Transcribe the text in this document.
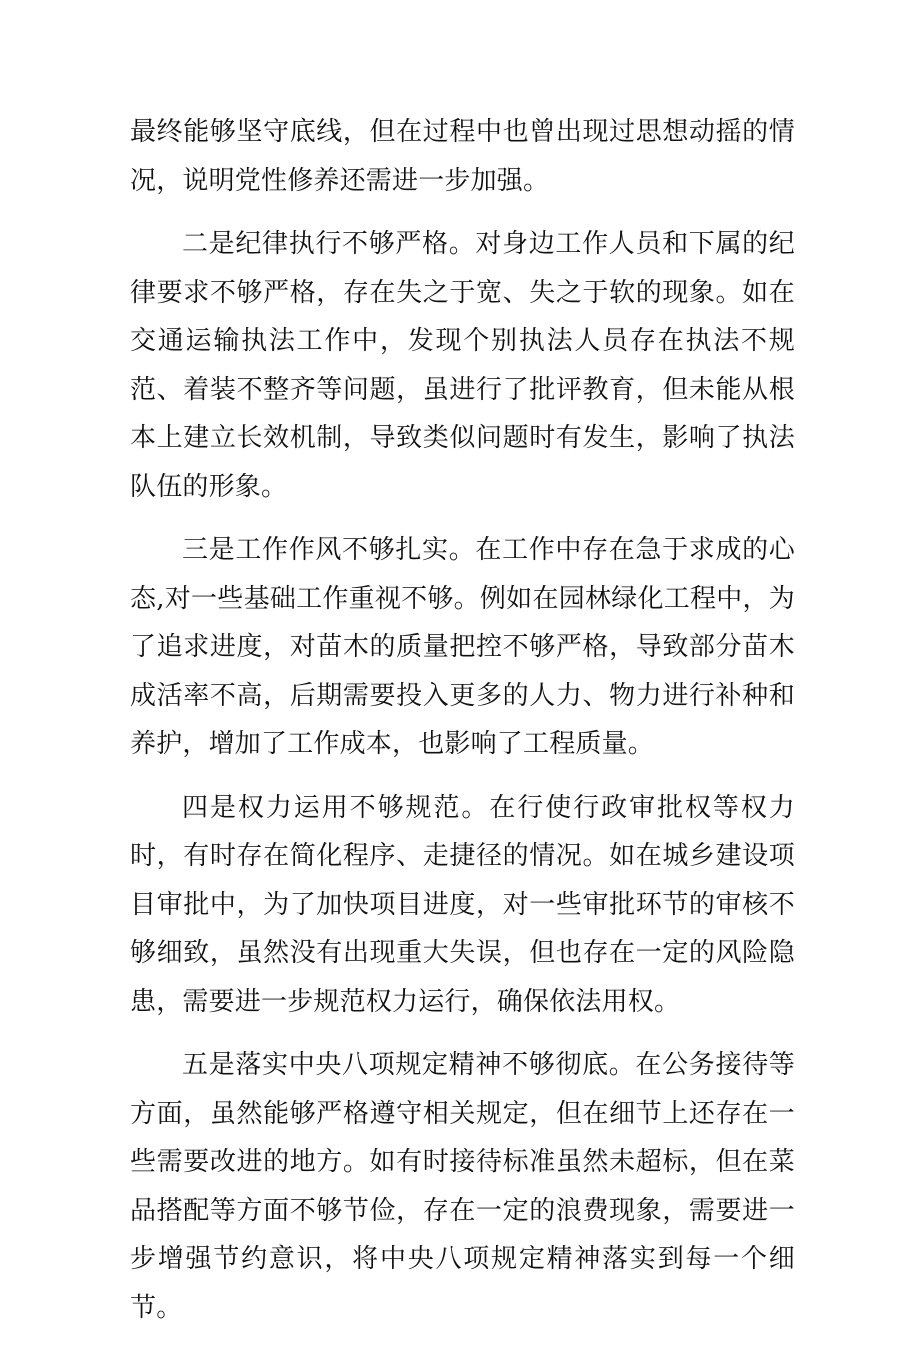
最终能够坚守底线，但在过程中也曾出现过思想动摇的情况，说明党性修养还需进一步加强。

二是纪律执行不够严格。对身边工作人员和下属的纪律要求不够严格，存在失之于宽、失之于软的现象。如在交通运输执法工作中，发现个别执法人员存在执法不规范、着装不整齐等问题，虽进行了批评教育，但未能从根本上建立长效机制，导致类似问题时有发生，影响了执法队伍的形象。

三是工作作风不够扎实。在工作中存在急于求成的心态,对一些基础工作重视不够。例如在园林绿化工程中，为了追求进度，对苗木的质量把控不够严格，导致部分苗木成活率不高，后期需要投入更多的人力、物力进行补种和养护，增加了工作成本，也影响了工程质量。

四是权力运用不够规范。在行使行政审批权等权力时，有时存在简化程序、走捷径的情况。如在城乡建设项目审批中，为了加快项目进度，对一些审批环节的审核不够细致，虽然没有出现重大失误，但也存在一定的风险隐患，需要进一步规范权力运行，确保依法用权。

五是落实中央八项规定精神不够彻底。在公务接待等方面，虽然能够严格遵守相关规定，但在细节上还存在一些需要改进的地方。如有时接待标准虽然未超标，但在菜品搭配等方面不够节俭，存在一定的浪费现象，需要进一步增强节约意识，将中央八项规定精神落实到每一个细节。
